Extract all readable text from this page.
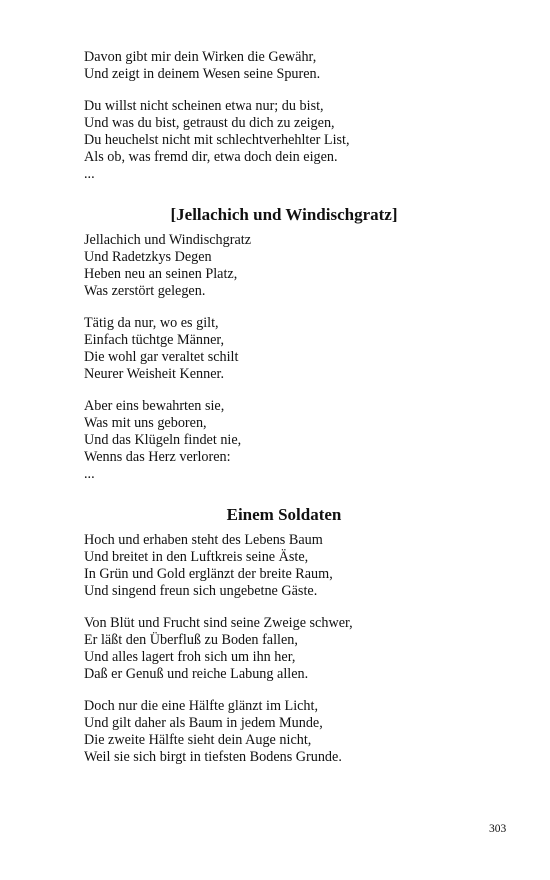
Davon gibt mir dein Wirken die Gewähr,
Und zeigt in deinem Wesen seine Spuren.
Du willst nicht scheinen etwa nur; du bist,
Und was du bist, getraust du dich zu zeigen,
Du heuchelst nicht mit schlechtverhehlter List,
Als ob, was fremd dir, etwa doch dein eigen.
...
[Jellachich und Windischgratz]
Jellachich und Windischgratz
Und Radetzkys Degen
Heben neu an seinen Platz,
Was zerstört gelegen.
Tätig da nur, wo es gilt,
Einfach tüchtge Männer,
Die wohl gar veraltet schilt
Neurer Weisheit Kenner.
Aber eins bewahrten sie,
Was mit uns geboren,
Und das Klügeln findet nie,
Wenns das Herz verloren:
...
Einem Soldaten
Hoch und erhaben steht des Lebens Baum
Und breitet in den Luftkreis seine Äste,
In Grün und Gold erglänzt der breite Raum,
Und singend freun sich ungebetne Gäste.
Von Blüt und Frucht sind seine Zweige schwer,
Er läßt den Überfluß zu Boden fallen,
Und alles lagert froh sich um ihn her,
Daß er Genuß und reiche Labung allen.
Doch nur die eine Hälfte glänzt im Licht,
Und gilt daher als Baum in jedem Munde,
Die zweite Hälfte sieht dein Auge nicht,
Weil sie sich birgt in tiefsten Bodens Grunde.
303
